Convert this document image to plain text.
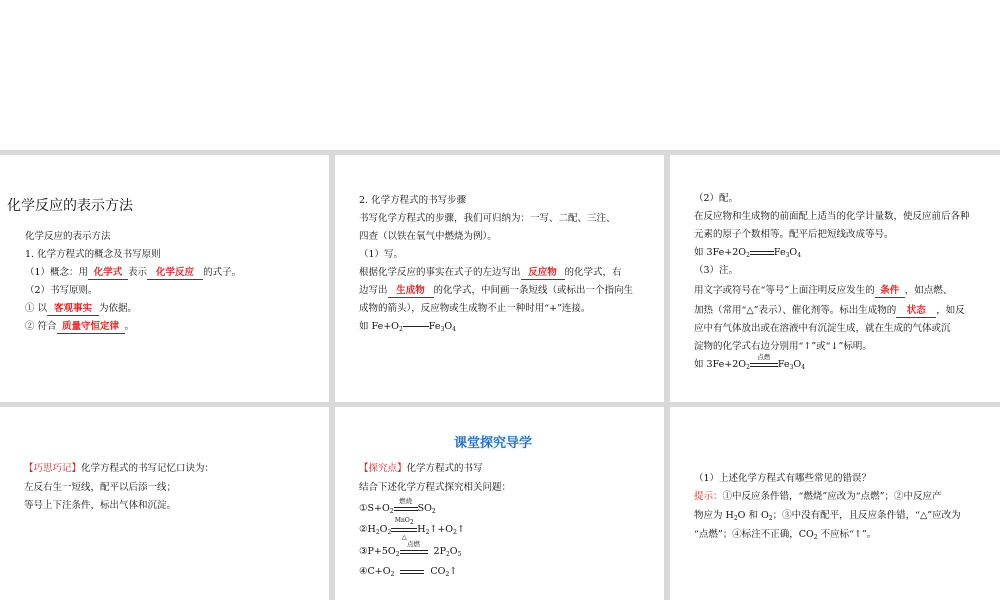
化学反应的表示方法
化学反应的表示方法
1. 化学方程式的概念及书写原则
（1）概念：用 化学式 表示 化学反应 的式子。
（2）书写原则。
① 以 客观事实 为依据。
② 符合 质量守恒定律 。
2. 化学方程式的书写步骤
书写化学方程式的步骤，我们可归纳为：一写、二配、三注、
四查（以铁在氧气中燃烧为例）。
（1）写。
根据化学反应的事实在式子的左边写出 反应物 的化学式，右
边写出 生成物 的化学式，中间画一条短线（或标出一个指向生
成物的箭头），反应物或生成物不止一种时用“+”连接。
如 $Fe+O_2$	$Fe_3O_4$
（2）配。
在反应物和生成物的前面配上适当的化学计量数，使反应前后各种
元素的原子个数相等。配平后把短线改成等号。
如 $3Fe+2O_2$	$Fe_3O_4$
（3）注。
用文字或符号在“等号”上面注明反应发生的 条件 ，如点燃、
加热（常用“△”表示）、催化剂等。标出生成物的 状态 ，如反
应中有气体放出或在溶液中有沉淀生成，就在生成的气体或沉
淀物的化学式右边分别用“↑”或“↓”标明。
如 $3Fe+2O_2$
点燃
$Fe_3O_4$
【巧思巧记】化学方程式的书写记忆口诀为：
左反右生一短线，配平以后添一线；
等号上下注条件，标出气体和沉淀。
课堂探究导学
【探究点】化学方程式的书写
结合下述化学方程式探究相关问题：
$①S+O_2$
燃烧
$SO_2$
$②H_2O_2$
MnO2
△
$H_2↑+O_2↑$
$③P+5O_2$
点燃
$2P_2O_5$
$④C+O_2$	$CO_2↑$
（1）上述化学方程式有哪些常见的错误？
提示：①中反应条件错，“燃烧”应改为“点燃”；②中反应产
物应为 $H_2O$ 和 $O_2$；③中没有配平，且反应条件错，“△”应改为
“点燃”；④标注不正确，$CO_2$ 不应标“↑”。
